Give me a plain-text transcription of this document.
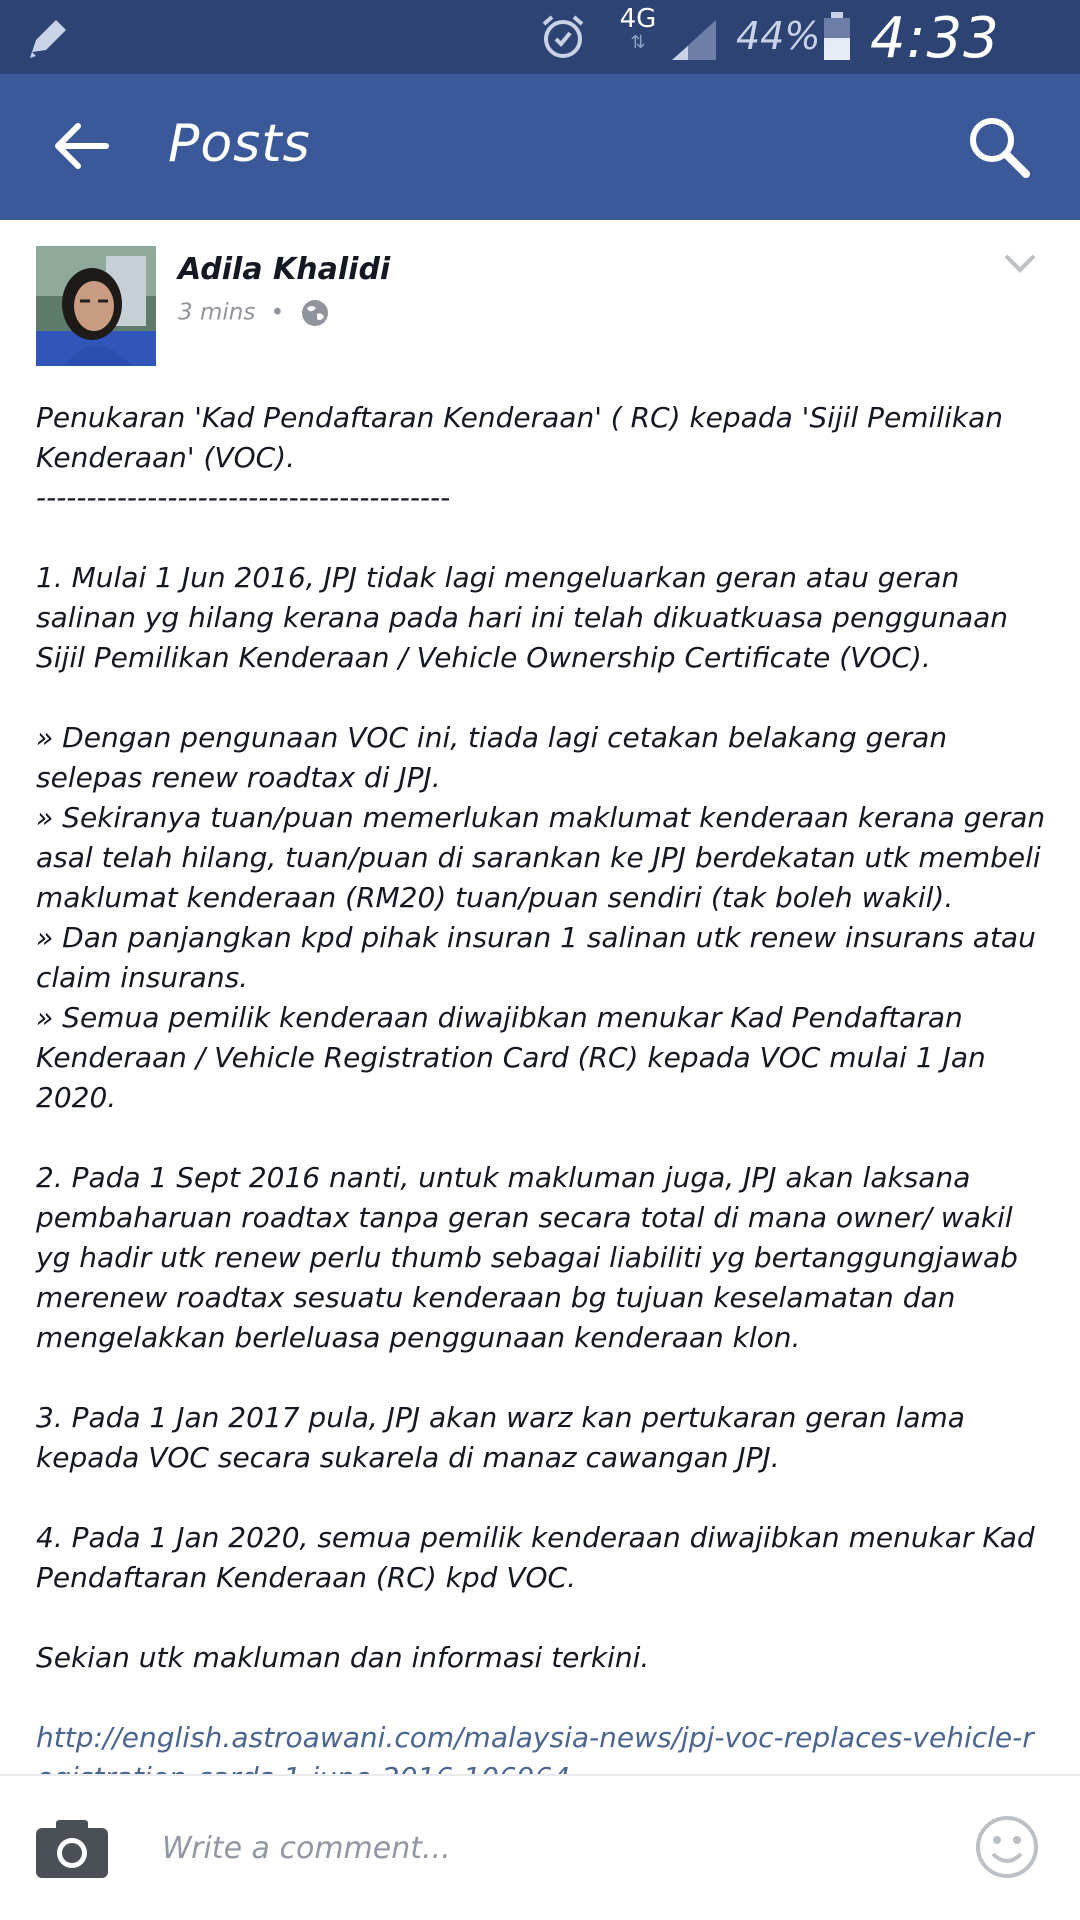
4G
⇅	44% 4:33
Posts
Adila Khalidi
3 mins •

Penukaran 'Kad Pendaftaran Kenderaan' ( RC) kepada 'Sijil Pemilikan Kenderaan' (VOC).
-----------------------------------------

1. Mulai 1 Jun 2016, JPJ tidak lagi mengeluarkan geran atau geran salinan yg hilang kerana pada hari ini telah dikuatkuasa penggunaan Sijil Pemilikan Kenderaan / Vehicle Ownership Certificate (VOC).

» Dengan pengunaan VOC ini, tiada lagi cetakan belakang geran selepas renew roadtax di JPJ.
» Sekiranya tuan/puan memerlukan maklumat kenderaan kerana geran asal telah hilang, tuan/puan di sarankan ke JPJ berdekatan utk membeli maklumat kenderaan (RM20) tuan/puan sendiri (tak boleh wakil).
» Dan panjangkan kpd pihak insuran 1 salinan utk renew insurans atau claim insurans.
» Semua pemilik kenderaan diwajibkan menukar Kad Pendaftaran Kenderaan / Vehicle Registration Card (RC) kepada VOC mulai 1 Jan 2020.

2. Pada 1 Sept 2016 nanti, untuk makluman juga, JPJ akan laksana pembaharuan roadtax tanpa geran secara total di mana owner/ wakil yg hadir utk renew perlu thumb sebagai liabiliti yg bertanggungjawab merenew roadtax sesuatu kenderaan bg tujuan keselamatan dan mengelakkan berleluasa penggunaan kenderaan klon.

3. Pada 1 Jan 2017 pula, JPJ akan warz kan pertukaran geran lama kepada VOC secara sukarela di manaz cawangan JPJ.

4. Pada 1 Jan 2020, semua pemilik kenderaan diwajibkan menukar Kad Pendaftaran Kenderaan (RC) kpd VOC.

Sekian utk makluman dan informasi terkini.

http://english.astroawani.com/malaysia-news/jpj-voc-replaces-vehicle-r

Write a comment...
